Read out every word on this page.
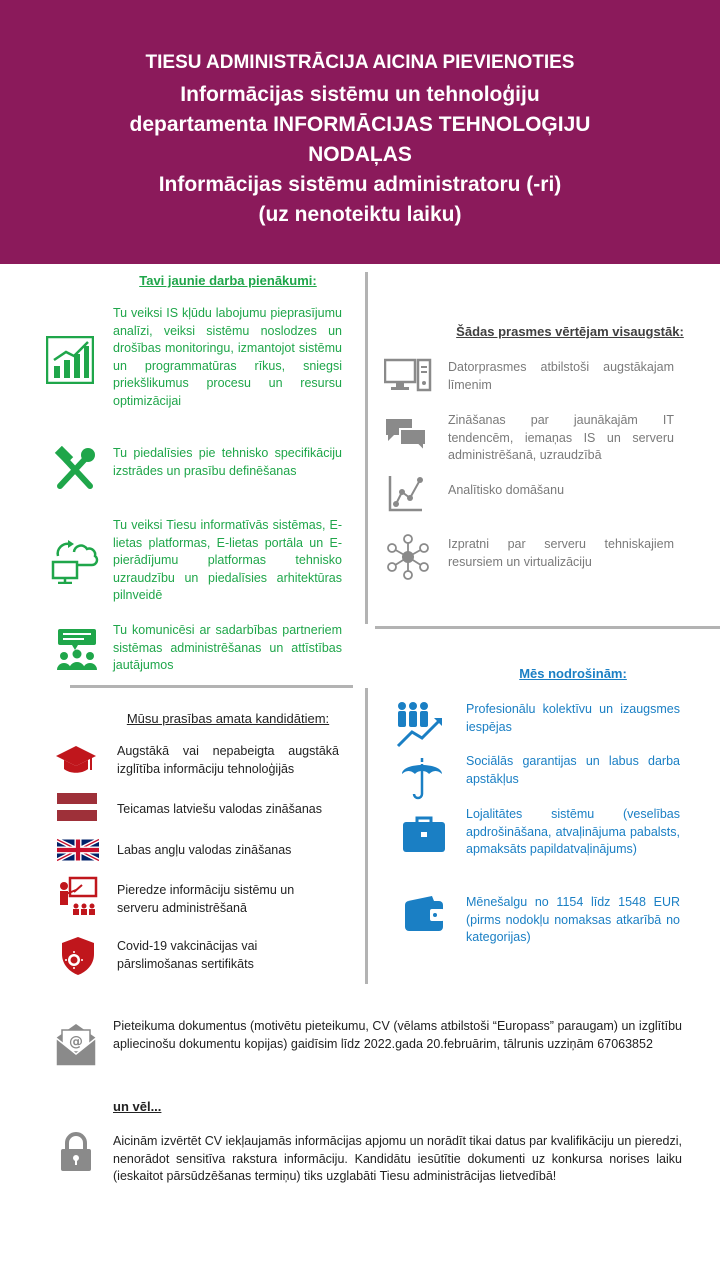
TIESU ADMINISTRĀCIJA AICINA PIEVIENOTIES
Informācijas sistēmu un tehnoloģiju
departamenta INFORMĀCIJAS TEHNOLOĢIJU
NODAĻAS
Informācijas sistēmu administratoru (-ri)
(uz nenoteiktu laiku)
Tavi jaunie darba pienākumi:
Tu veiksi IS kļūdu labojumu pieprasījumu analīzi, veiksi sistēmu noslodzes un drošības monitoringu, izmantojot sistēmu un programmatūras rīkus, sniegsi priekšlikumus procesu un resursu optimizācijai
Tu piedalīsies pie tehnisko specifikāciju izstrādes un prasību definēšanas
Tu veiksi Tiesu informatīvās sistēmas, E-lietas platformas, E-lietas portāla un E-pierādījumu platformas tehnisko uzraudzību un piedalīsies arhitektūras pilnveidē
Tu komunicēsi ar sadarbības partneriem sistēmas administrēšanas un attīstības jautājumos
Šādas prasmes vērtējam visaugstāk:
Datorprasmes atbilstoši augstākajam līmenim
Zināšanas par jaunākajām IT tendencēm, iemaņas IS un serveru administrēšanā, uzraudzībā
Analītisko domāšanu
Izpratni par serveru tehniskajiem resursiem un virtualizāciju
Mūsu prasības amata kandidātiem:
Augstākā vai nepabeigta augstākā izglītība informāciju tehnoloģijās
Teicamas latviešu valodas zināšanas
Labas angļu valodas zināšanas
Pieredze informāciju sistēmu un serveru administrēšanā
Covid-19 vakcinācijas vai pārslimošanas sertifikāts
Mēs nodrošinām:
Profesionālu kolektīvu un izaugsmes iespējas
Sociālās garantijas un labus darba apstākļus
Lojalitātes sistēmu (veselības apdrošināšana, atvaļinājuma pabalsts, apmaksāts papildatvaļinājums)
Mēnešalgu no 1154 līdz 1548 EUR (pirms nodokļu nomaksas atkarībā no kategorijas)
@
Pieteikuma dokumentus (motivētu pieteikumu, CV (vēlams atbilstoši “Europass” paraugam) un izglītību apliecinošu dokumentu kopijas) gaidīsim līdz 2022.gada 20.februārim, tālrunis uzziņām 67063852
un vēl...
Aicinām izvērtēt CV iekļaujamās informācijas apjomu un norādīt tikai datus par kvalifikāciju un pieredzi, nenorādot sensitīva rakstura informāciju. Kandidātu iesūtītie dokumenti uz konkursa norises laiku (ieskaitot pārsūdzēšanas termiņu) tiks uzglabāti Tiesu administrācijas lietvedībā!
